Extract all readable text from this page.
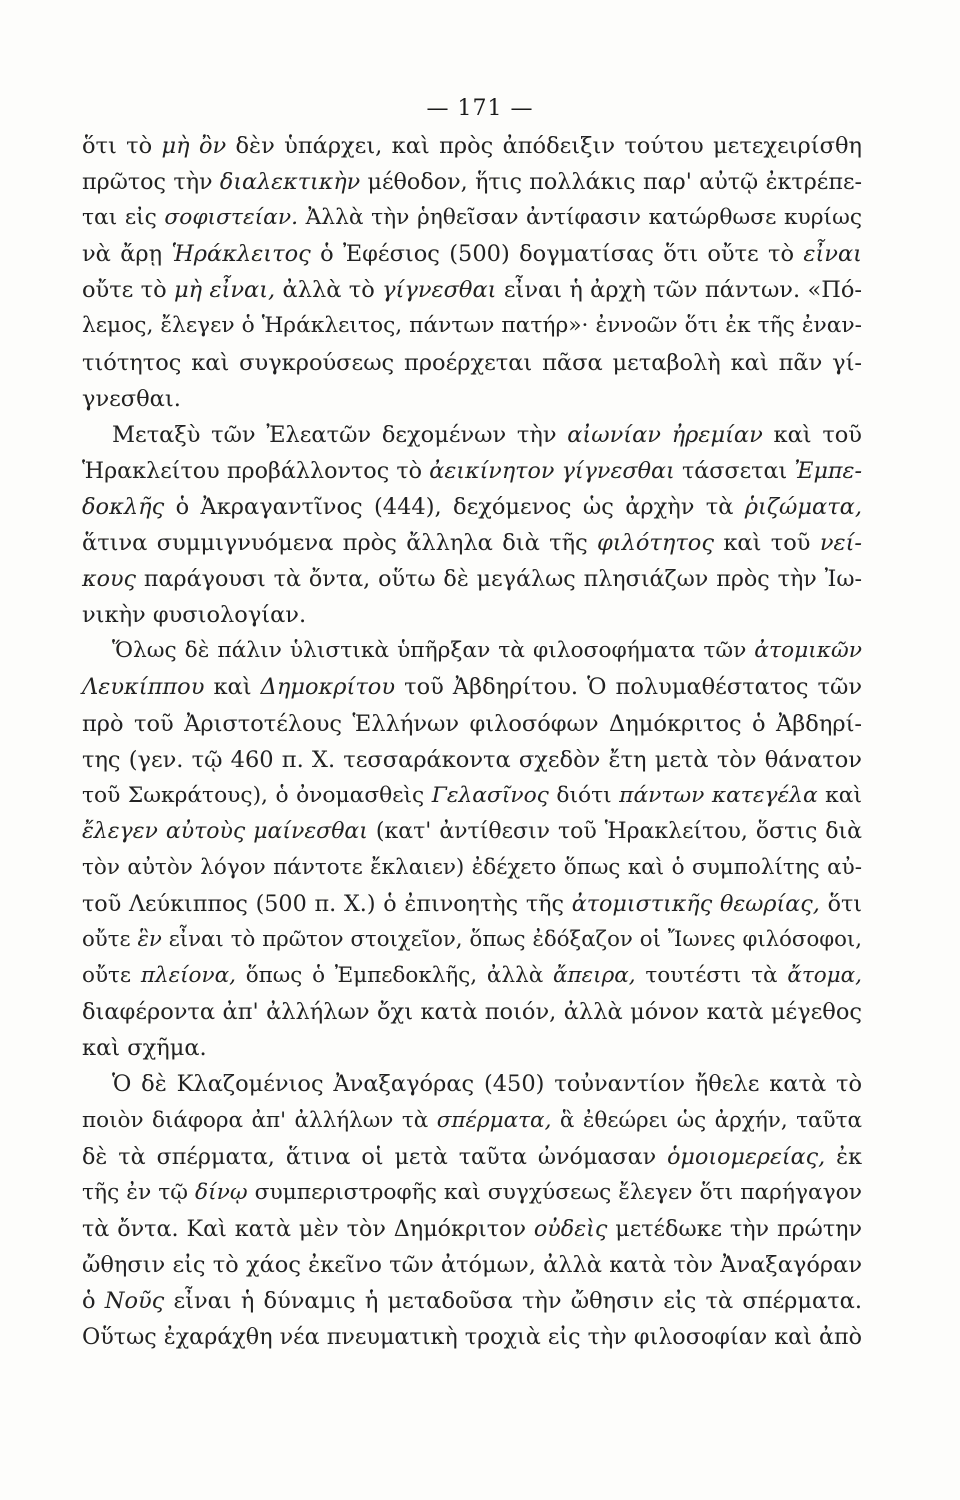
— 171 —
ὅτι τὸ μὴ ὂν δὲν ὑπάρχει, καὶ πρὸς ἀπόδειξιν τούτου μετεχειρίσθη
πρῶτος τὴν διαλεκτικὴν μέθοδον, ἥτις πολλάκις παρ' αὐτῷ ἐκτρέπε-
ται εἰς σοφιστείαν. Ἀλλὰ τὴν ῥηθεῖσαν ἀντίφασιν κατώρθωσε κυρίως
νὰ ἄρῃ Ἡράκλειτος ὁ Ἐφέσιος (500) δογματίσας ὅτι οὔτε τὸ εἶναι
οὔτε τὸ μὴ εἶναι, ἀλλὰ τὸ γίγνεσθαι εἶναι ἡ ἀρχὴ τῶν πάντων. «Πό-
λεμος, ἔλεγεν ὁ Ἡράκλειτος, πάντων πατήρ»· ἐννοῶν ὅτι ἐκ τῆς ἐναν-
τιότητος καὶ συγκρούσεως προέρχεται πᾶσα μεταβολὴ καὶ πᾶν γί-
γνεσθαι.
Μεταξὺ τῶν Ἐλεατῶν δεχομένων τὴν αἰωνίαν ἠρεμίαν καὶ τοῦ
Ἡρακλείτου προβάλλοντος τὸ ἀεικίνητον γίγνεσθαι τάσσεται Ἐμπε-
δοκλῆς ὁ Ἀκραγαντῖνος (444), δεχόμενος ὡς ἀρχὴν τὰ ῥιζώματα,
ἅτινα συμμιγνυόμενα πρὸς ἄλληλα διὰ τῆς φιλότητος καὶ τοῦ νεί-
κους παράγουσι τὰ ὄντα, οὕτω δὲ μεγάλως πλησιάζων πρὸς τὴν Ἰω-
νικὴν φυσιολογίαν.
Ὅλως δὲ πάλιν ὑλιστικὰ ὑπῆρξαν τὰ φιλοσοφήματα τῶν ἀτομικῶν
Λευκίππου καὶ Δημοκρίτου τοῦ Ἀβδηρίτου. Ὁ πολυμαθέστατος τῶν
πρὸ τοῦ Ἀριστοτέλους Ἑλλήνων φιλοσόφων Δημόκριτος ὁ Ἀβδηρί-
της (γεν. τῷ 460 π. Χ. τεσσαράκοντα σχεδὸν ἔτη μετὰ τὸν θάνατον
τοῦ Σωκράτους), ὁ ὀνομασθεὶς Γελασῖνος διότι πάντων κατεγέλα καὶ
ἔλεγεν αὐτοὺς μαίνεσθαι (κατ' ἀντίθεσιν τοῦ Ἡρακλείτου, ὅστις διὰ
τὸν αὐτὸν λόγον πάντοτε ἔκλαιεν) ἐδέχετο ὅπως καὶ ὁ συμπολίτης αὐ-
τοῦ Λεύκιππος (500 π. Χ.) ὁ ἐπινοητὴς τῆς ἀτομιστικῆς θεωρίας, ὅτι
οὔτε ἓν εἶναι τὸ πρῶτον στοιχεῖον, ὅπως ἐδόξαζον οἱ Ἴωνες φιλόσοφοι,
οὔτε πλείονα, ὅπως ὁ Ἐμπεδοκλῆς, ἀλλὰ ἄπειρα, τουτέστι τὰ ἄτομα,
διαφέροντα ἀπ' ἀλλήλων ὄχι κατὰ ποιόν, ἀλλὰ μόνον κατὰ μέγεθος
καὶ σχῆμα.
Ὁ δὲ Κλαζομένιος Ἀναξαγόρας (450) τοὐναντίον ἤθελε κατὰ τὸ
ποιὸν διάφορα ἀπ' ἀλλήλων τὰ σπέρματα, ἃ ἐθεώρει ὡς ἀρχήν, ταῦτα
δὲ τὰ σπέρματα, ἅτινα οἱ μετὰ ταῦτα ὠνόμασαν ὁμοιομερείας, ἐκ
τῆς ἐν τῷ δίνῳ συμπεριστροφῆς καὶ συγχύσεως ἔλεγεν ὅτι παρήγαγον
τὰ ὄντα. Καὶ κατὰ μὲν τὸν Δημόκριτον οὐδεὶς μετέδωκε τὴν πρώτην
ὤθησιν εἰς τὸ χάος ἐκεῖνο τῶν ἀτόμων, ἀλλὰ κατὰ τὸν Ἀναξαγόραν
ὁ Νοῦς εἶναι ἡ δύναμις ἡ μεταδοῦσα τὴν ὤθησιν εἰς τὰ σπέρματα.
Οὕτως ἐχαράχθη νέα πνευματικὴ τροχιὰ εἰς τὴν φιλοσοφίαν καὶ ἀπὸ
